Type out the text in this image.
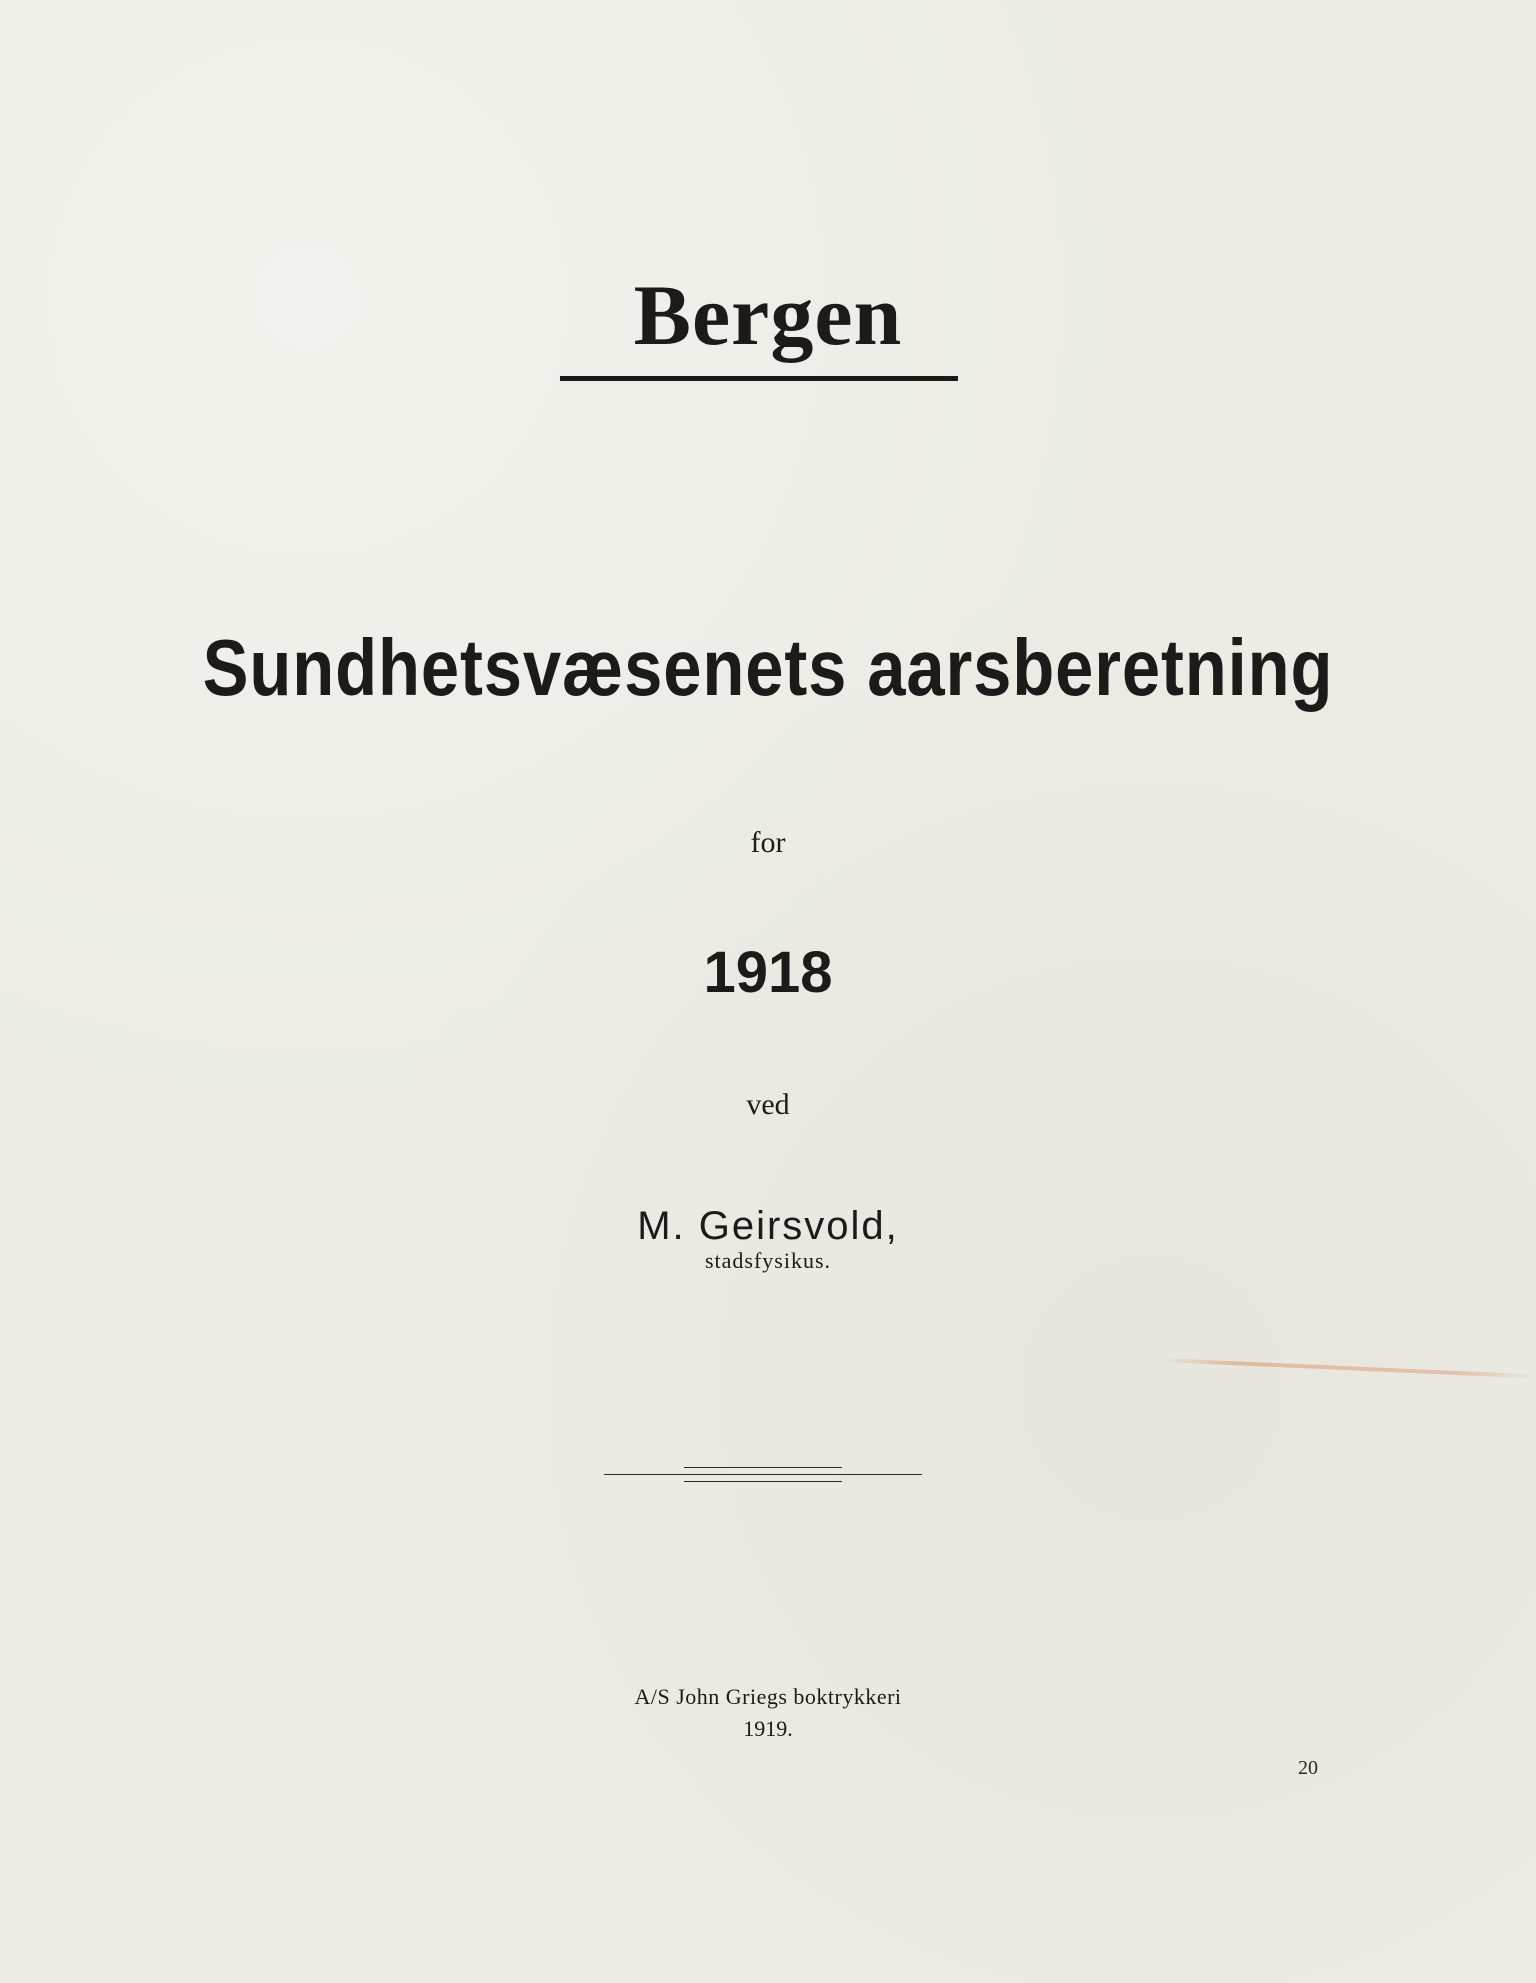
Bergen
Sundhetsvæsenets aarsberetning
for
1918
ved
M. Geirsvold,
stadsfysikus.
A/S John Griegs boktrykkeri
1919.
20
